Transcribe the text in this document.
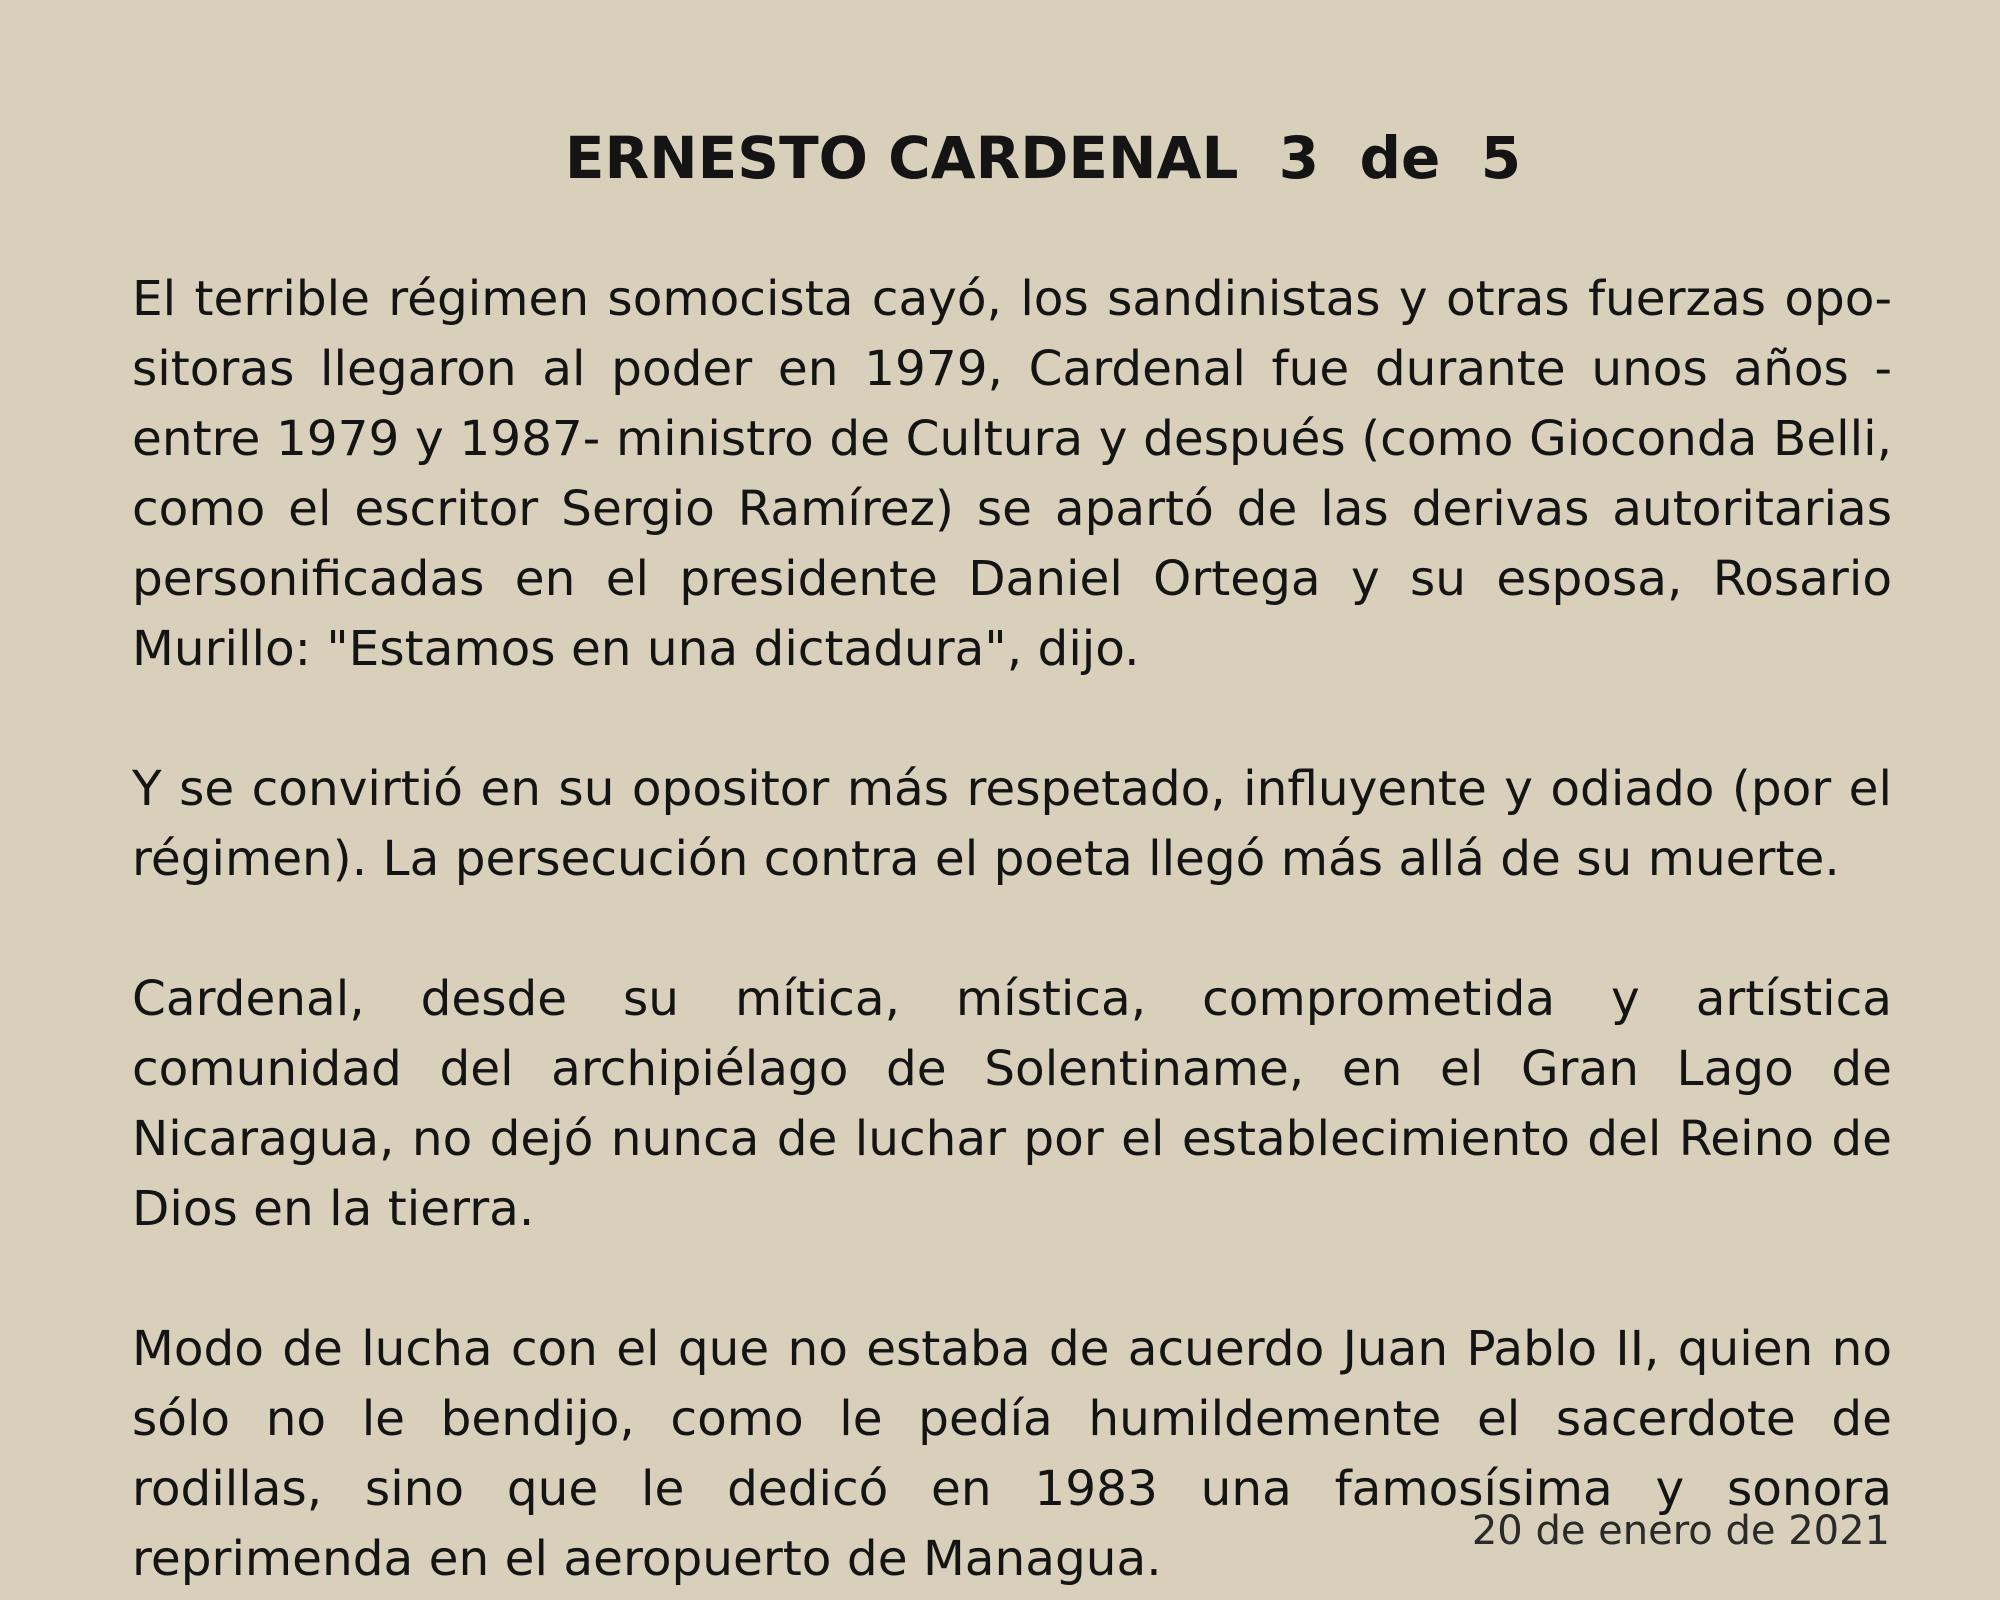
ERNESTO CARDENAL  3  de  5

El terrible régimen somocista cayó, los sandinistas y otras fuerzas opositoras llegaron al poder en 1979, Cardenal fue durante unos años -entre 1979 y 1987- ministro de Cultura y después (como Gioconda Belli, como el escritor Sergio Ramírez) se apartó de las derivas autoritarias personificadas en el presidente Daniel Ortega y su esposa, Rosario Murillo: "Estamos en una dictadura", dijo.

Y se convirtió en su opositor más respetado, influyente y odiado (por el régimen). La persecución contra el poeta llegó más allá de su muerte.

Cardenal, desde su mítica, mística, comprometida y artística comunidad del archipiélago de Solentiname, en el Gran Lago de Nicaragua, no dejó nunca de luchar por el establecimiento del Reino de Dios en la tierra.

Modo de lucha con el que no estaba de acuerdo Juan Pablo II, quien no sólo no le bendijo, como le pedía humildemente el sacerdote de rodillas, sino que le dedicó en 1983 una famosísima y sonora reprimenda en el aeropuerto de Managua.	20 de enero de 2021
